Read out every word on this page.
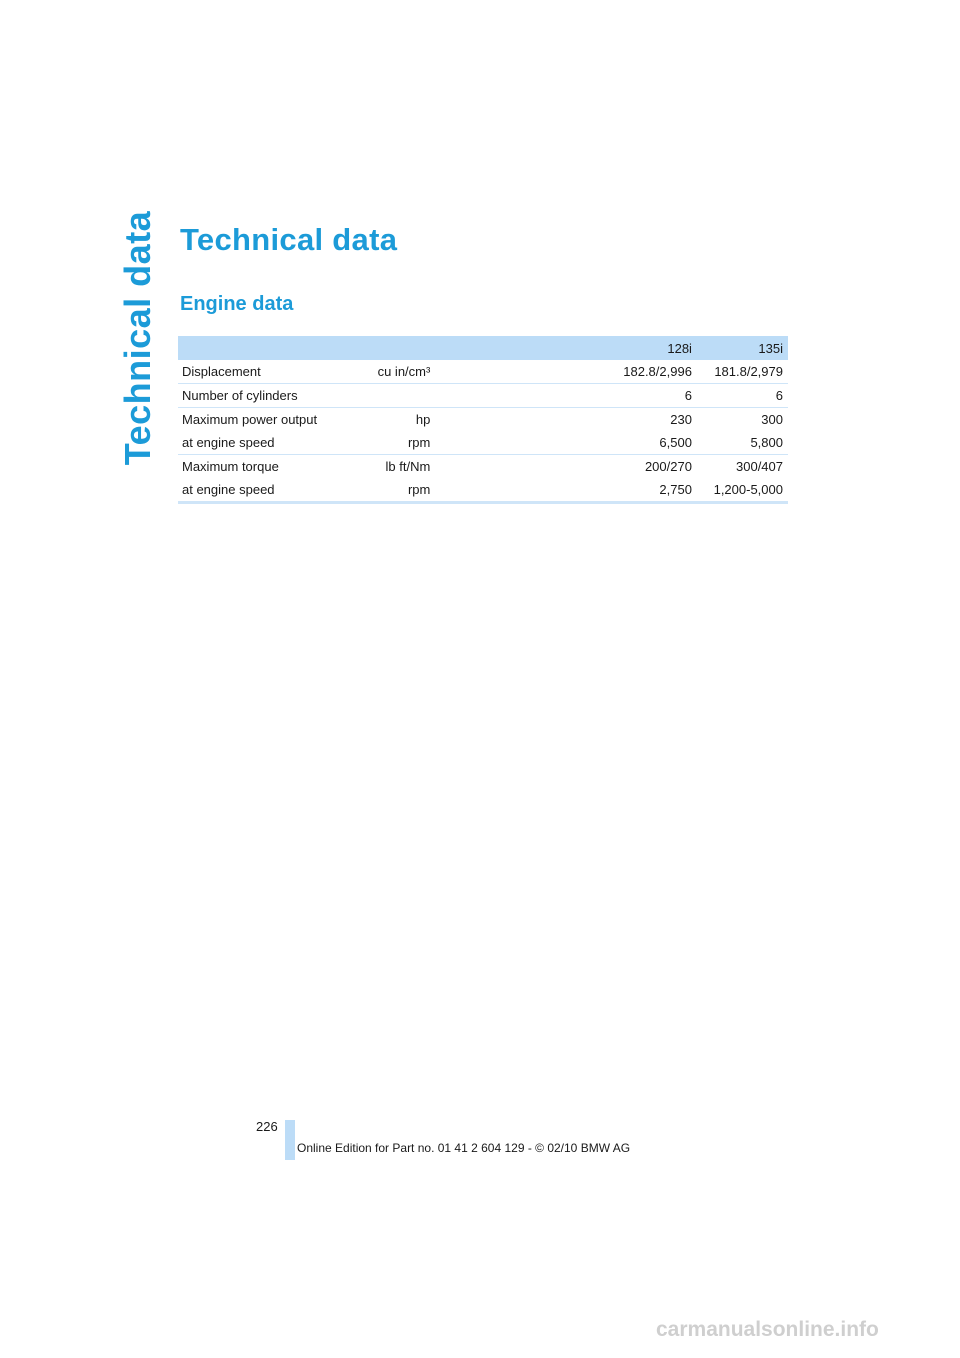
Technical data Technical data
Engine data
			128i	135i
Displacement	cu in/cm³		182.8/2,996	181.8/2,979
Number of cylinders			6	6
Maximum power output	hp		230	300
at engine speed	rpm		6,500	5,800
Maximum torque	lb ft/Nm		200/270	300/407
at engine speed	rpm		2,750	1,200-5,000
226
Online Edition for Part no. 01 41 2 604 129 - © 02/10 BMW AG
carmanualsonline.info
